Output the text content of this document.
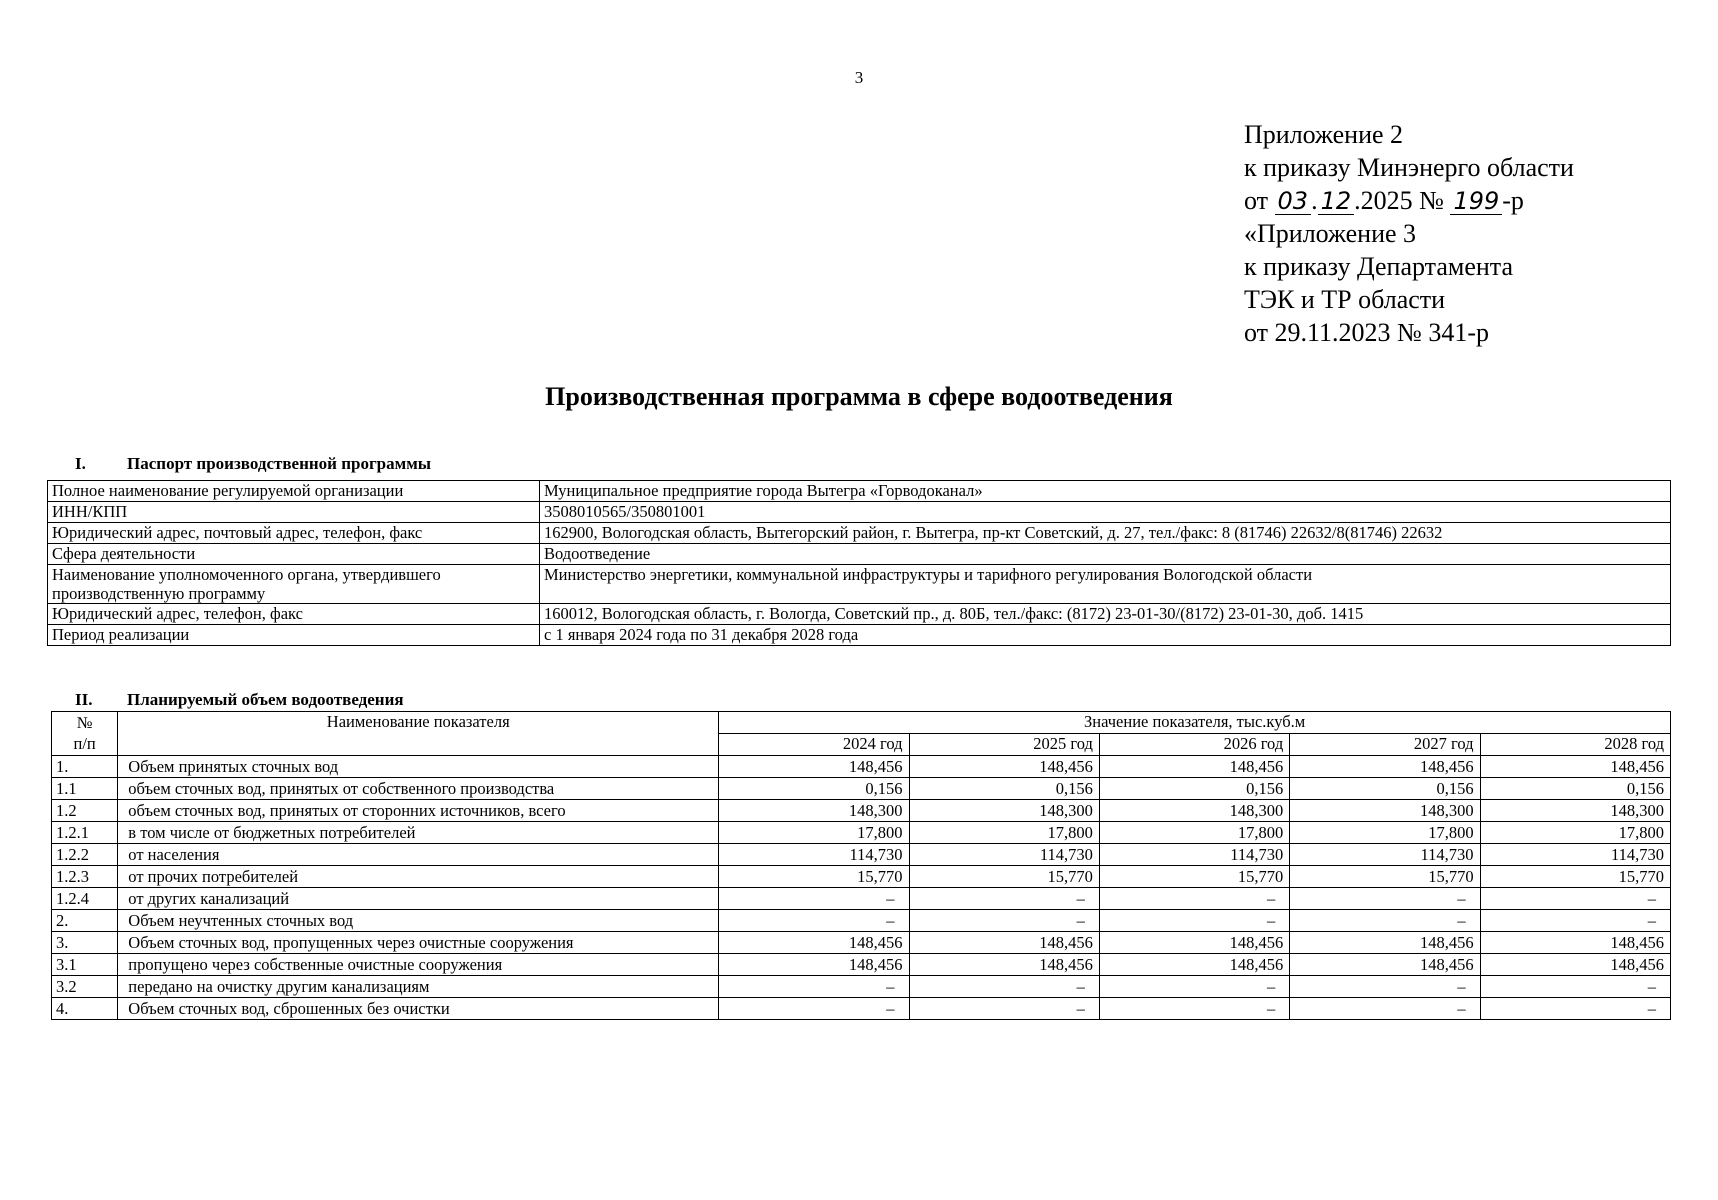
3
Приложение 2
к приказу Минэнерго области
от 03 . 12 .2025 № 199 -р
«Приложение 3
к приказу Департамента
ТЭК и ТР области
от 29.11.2023 № 341-р
Производственная программа в сфере водоотведения
I. Паспорт производственной программы
Полное наименование регулируемой организации	Муниципальное предприятие города Вытегра «Горводоканал»
ИНН/КПП	3508010565/350801001
Юридический адрес, почтовый адрес, телефон, факс	162900, Вологодская область, Вытегорский район, г. Вытегра, пр-кт Советский, д. 27, тел./факс: 8 (81746) 22632/8(81746) 22632
Сфера деятельности	Водоотведение
Наименование уполномоченного органа, утвердившего производственную программу	Министерство энергетики, коммунальной инфраструктуры и тарифного регулирования Вологодской области
Юридический адрес, телефон, факс	160012, Вологодская область, г. Вологда, Советский пр., д. 80Б, тел./факс: (8172) 23-01-30/(8172) 23-01-30, доб. 1415
Период реализации	с 1 января 2024 года по 31 декабря 2028 года
II. Планируемый объем водоотведения
№
п/п	Наименование показателя	Значение показателя, тыс.куб.м				
		2024 год	2025 год	2026 год	2027 год	2028 год
1.	Объем принятых сточных вод	148,456	148,456	148,456	148,456	148,456
1.1	объем сточных вод, принятых от собственного производства	0,156	0,156	0,156	0,156	0,156
1.2	объем сточных вод, принятых от сторонних источников, всего	148,300	148,300	148,300	148,300	148,300
1.2.1	в том числе от бюджетных потребителей	17,800	17,800	17,800	17,800	17,800
1.2.2	от населения	114,730	114,730	114,730	114,730	114,730
1.2.3	от прочих потребителей	15,770	15,770	15,770	15,770	15,770
1.2.4	от других канализаций	–	–	–	–	–
2.	Объем неучтенных сточных вод	–	–	–	–	–
3.	Объем сточных вод, пропущенных через очистные сооружения	148,456	148,456	148,456	148,456	148,456
3.1	пропущено через собственные очистные сооружения	148,456	148,456	148,456	148,456	148,456
3.2	передано на очистку другим канализациям	–	–	–	–	–
4.	Объем сточных вод, сброшенных без очистки	–	–	–	–	–
